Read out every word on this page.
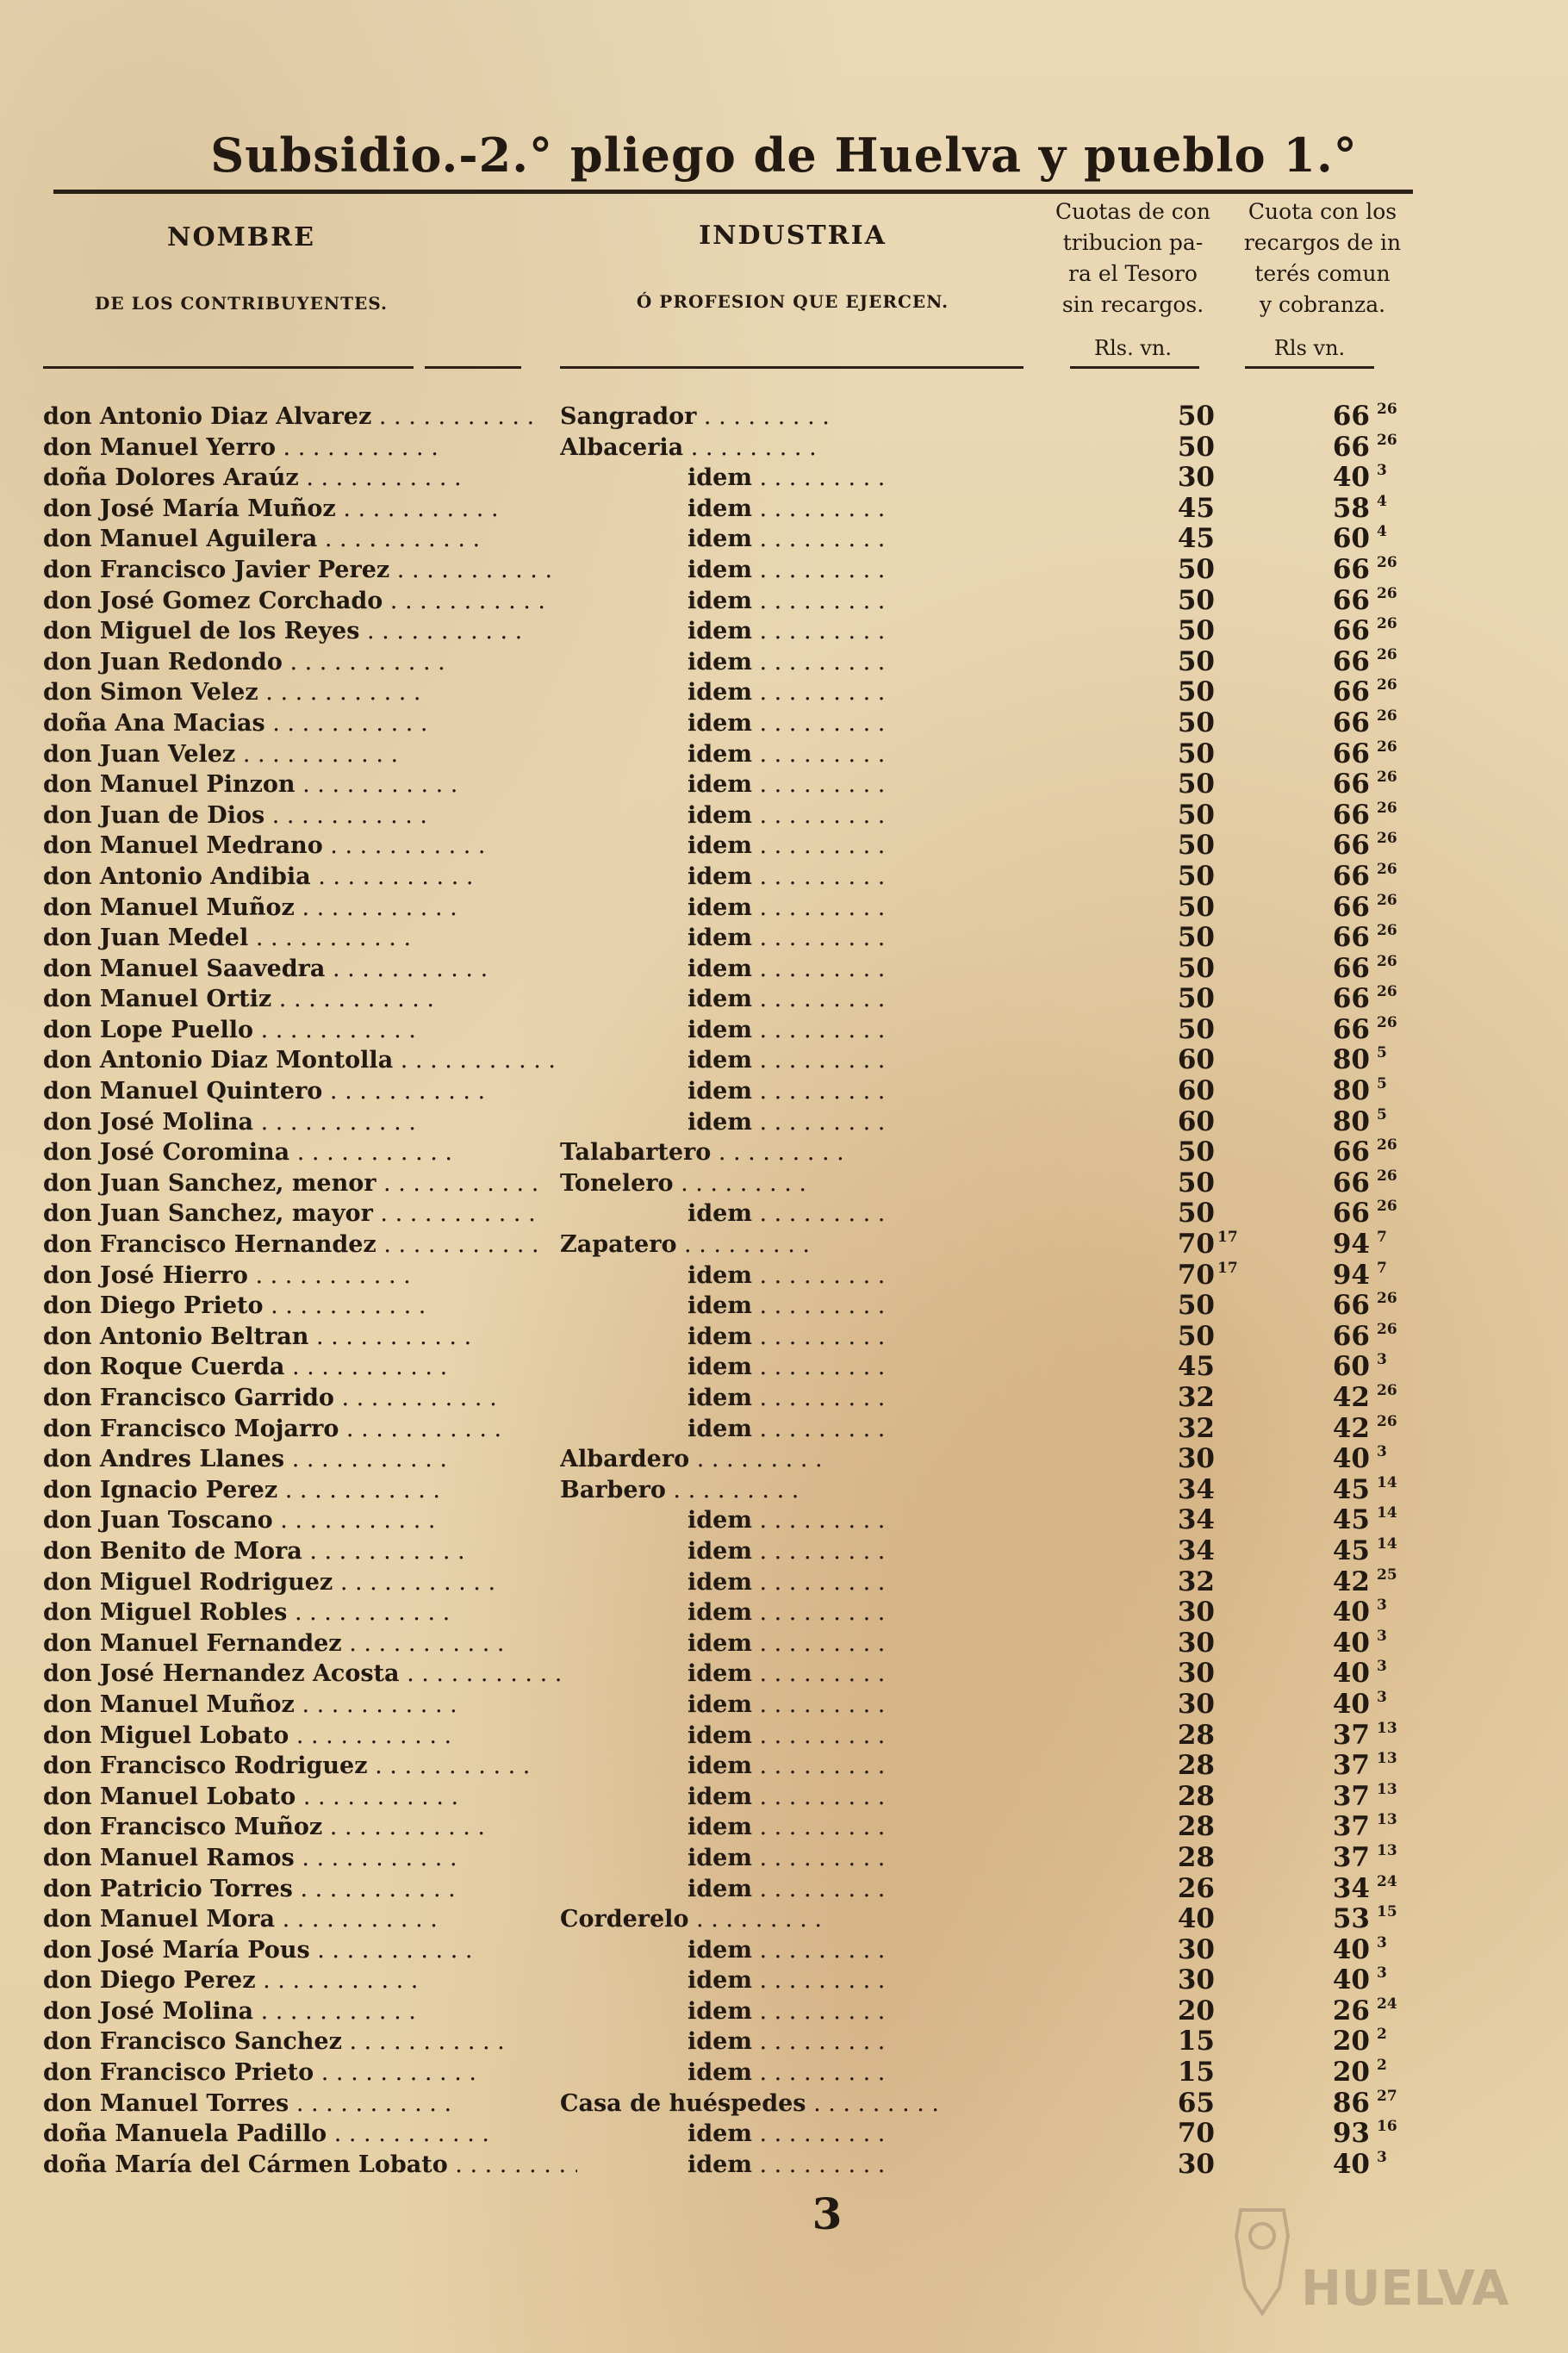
Subsidio.-2.° pliego de Huelva y pueblo 1.°
NOMBRE
DE LOS CONTRIBUYENTES.
INDUSTRIA
Ó PROFESION QUE EJERCEN.
Cuotas de con
tribucion pa-
ra el Tesoro
sin recargos.
Cuota con los
recargos de in
terés comun
y cobranza.
Rls. vn.	Rls vn.
don Antonio Diaz Alvarez . .	Sangrador . .	50	66 26
don Manuel Yerro . .	Albaceria . .	50	66 26
doña Dolores Araúz . .	idem . .	30	40 3
don José María Muñoz . .	idem . .	45	58 4
don Manuel Aguilera . .	idem . .	45	60 4
don Francisco Javier Perez . .	idem . .	50	66 26
don José Gomez Corchado . .	idem . .	50	66 26
don Miguel de los Reyes . .	idem . .	50	66 26
don Juan Redondo . .	idem . .	50	66 26
don Simon Velez . .	idem . .	50	66 26
doña Ana Macias . .	idem . .	50	66 26
don Juan Velez . .	idem . .	50	66 26
don Manuel Pinzon . .	idem . .	50	66 26
don Juan de Dios . .	idem . .	50	66 26
don Manuel Medrano . .	idem . .	50	66 26
don Antonio Andibia . .	idem . .	50	66 26
don Manuel Muñoz . .	idem . .	50	66 26
don Juan Medel . .	idem . .	50	66 26
don Manuel Saavedra . .	idem . .	50	66 26
don Manuel Ortiz . .	idem . .	50	66 26
don Lope Puello . .	idem . .	50	66 26
don Antonio Diaz Montolla . .	idem . .	60	80 5
don Manuel Quintero . .	idem . .	60	80 5
don José Molina . .	idem . .	60	80 5
don José Coromina . .	Talabartero . .	50	66 26
don Juan Sanchez, menor . .	Tonelero . .	50	66 26
don Juan Sanchez, mayor . .	idem . .	50	66 26
don Francisco Hernandez . .	Zapatero . .	70 17	94 7
don José Hierro . .	idem . .	70 17	94 7
don Diego Prieto . .	idem . .	50	66 26
don Antonio Beltran . .	idem . .	50	66 26
don Roque Cuerda . .	idem . .	45	60 3
don Francisco Garrido . .	idem . .	32	42 26
don Francisco Mojarro . .	idem . .	32	42 26
don Andres Llanes . .	Albardero . .	30	40 3
don Ignacio Perez . .	Barbero . .	34	45 14
don Juan Toscano . .	idem . .	34	45 14
don Benito de Mora . .	idem . .	34	45 14
don Miguel Rodriguez . .	idem . .	32	42 25
don Miguel Robles . .	idem . .	30	40 3
don Manuel Fernandez . .	idem . .	30	40 3
don José Hernandez Acosta . .	idem . .	30	40 3
don Manuel Muñoz . .	idem . .	30	40 3
don Miguel Lobato . .	idem . .	28	37 13
don Francisco Rodriguez . .	idem . .	28	37 13
don Manuel Lobato . .	idem . .	28	37 13
don Francisco Muñoz . .	idem . .	28	37 13
don Manuel Ramos . .	idem . .	28	37 13
don Patricio Torres . .	idem . .	26	34 24
don Manuel Mora . .	Corderelo . .	40	53 15
don José María Pous . .	idem . .	30	40 3
don Diego Perez . .	idem . .	30	40 3
don José Molina . .	idem . .	20	26 24
don Francisco Sanchez . .	idem . .	15	20 2
don Francisco Prieto . .	idem . .	15	20 2
don Manuel Torres . .	Casa de huéspedes . .	65	86 27
doña Manuela Padillo . .	idem . .	70	93 16
doña María del Cármen Lobato . .	idem . .	30	40 3
3
HUELVA
